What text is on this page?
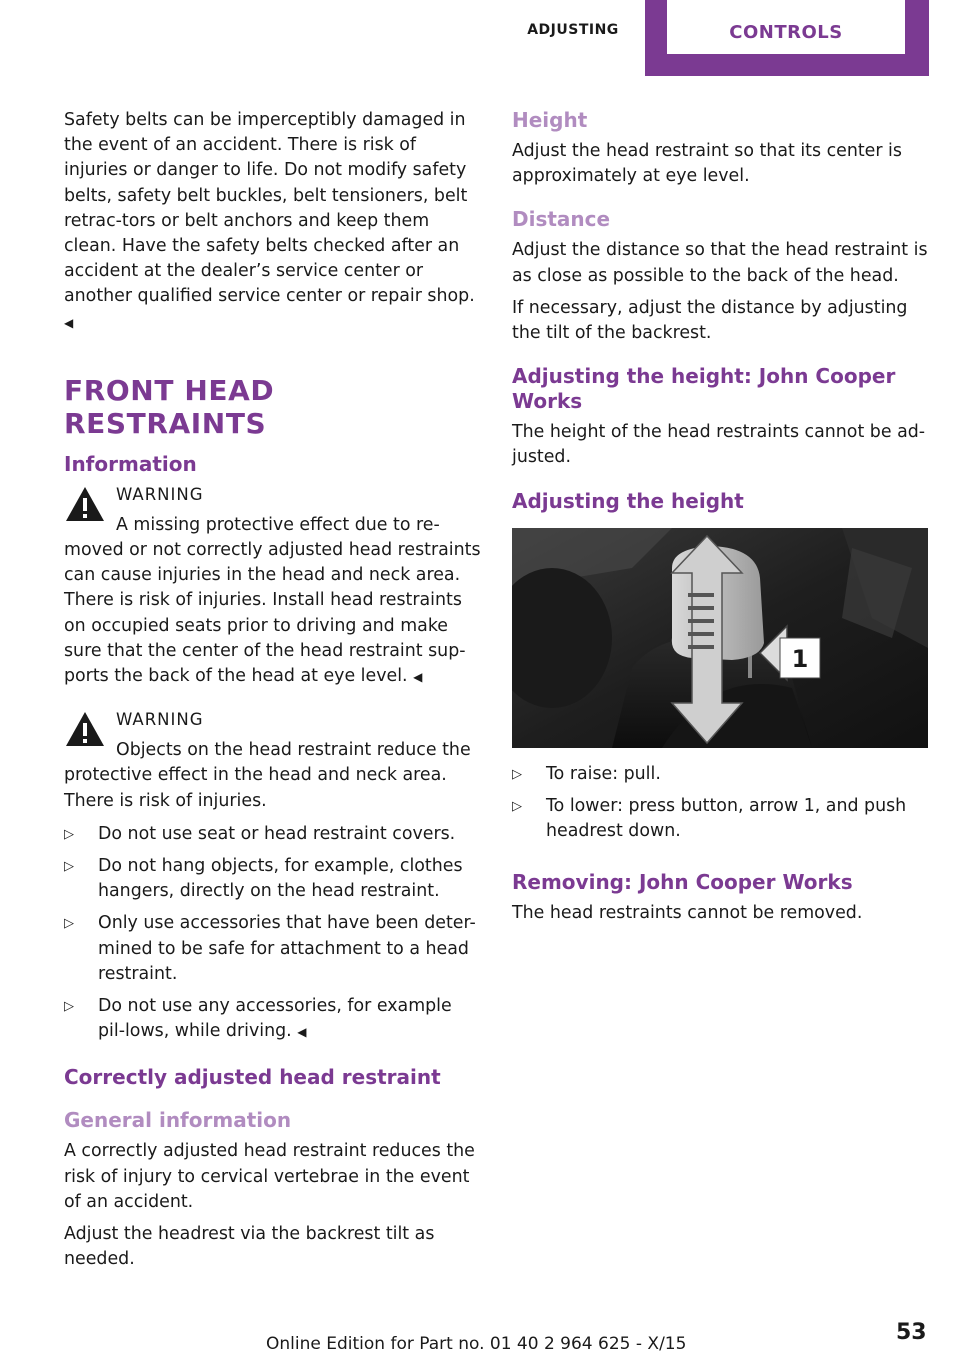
ADJUSTING	CONTROLS

Safety belts can be imperceptibly damaged in the event of an accident. There is risk of injuries or danger to life. Do not modify safety belts, safety belt buckles, belt tensioners, belt retrac-tors or belt anchors and keep them clean. Have the safety belts checked after an accident at the dealer’s service center or another qualified service center or repair shop. ◀

FRONT HEAD RESTRAINTS
Information
WARNING

A missing protective effect due to re-moved or not correctly adjusted head restraints can cause injuries in the head and neck area. There is risk of injuries. Install head restraints on occupied seats prior to driving and make sure that the center of the head restraint sup-ports the back of the head at eye level. ◀

WARNING

Objects on the head restraint reduce the protective effect in the head and neck area. There is risk of injuries.

▷ Do not use seat or head restraint covers.
▷ Do not hang objects, for example, clothes hangers, directly on the head restraint.
▷ Only use accessories that have been deter-mined to be safe for attachment to a head restraint.
▷ Do not use any accessories, for example pil-lows, while driving. ◀
Correctly adjusted head restraint
General information

A correctly adjusted head restraint reduces the risk of injury to cervical vertebrae in the event of an accident.

Adjust the headrest via the backrest tilt as needed.

Height

Adjust the head restraint so that its center is approximately at eye level.

Distance

Adjust the distance so that the head restraint is as close as possible to the back of the head.

If necessary, adjust the distance by adjusting the tilt of the backrest.

Adjusting the height: John Cooper Works

The height of the head restraints cannot be ad-justed.

Adjusting the height
1
▷ To raise: pull.
▷ To lower: press button, arrow 1, and push headrest down.
Removing: John Cooper Works

The head restraints cannot be removed.

Online Edition for Part no. 01 40 2 964 625 - X/15	53
